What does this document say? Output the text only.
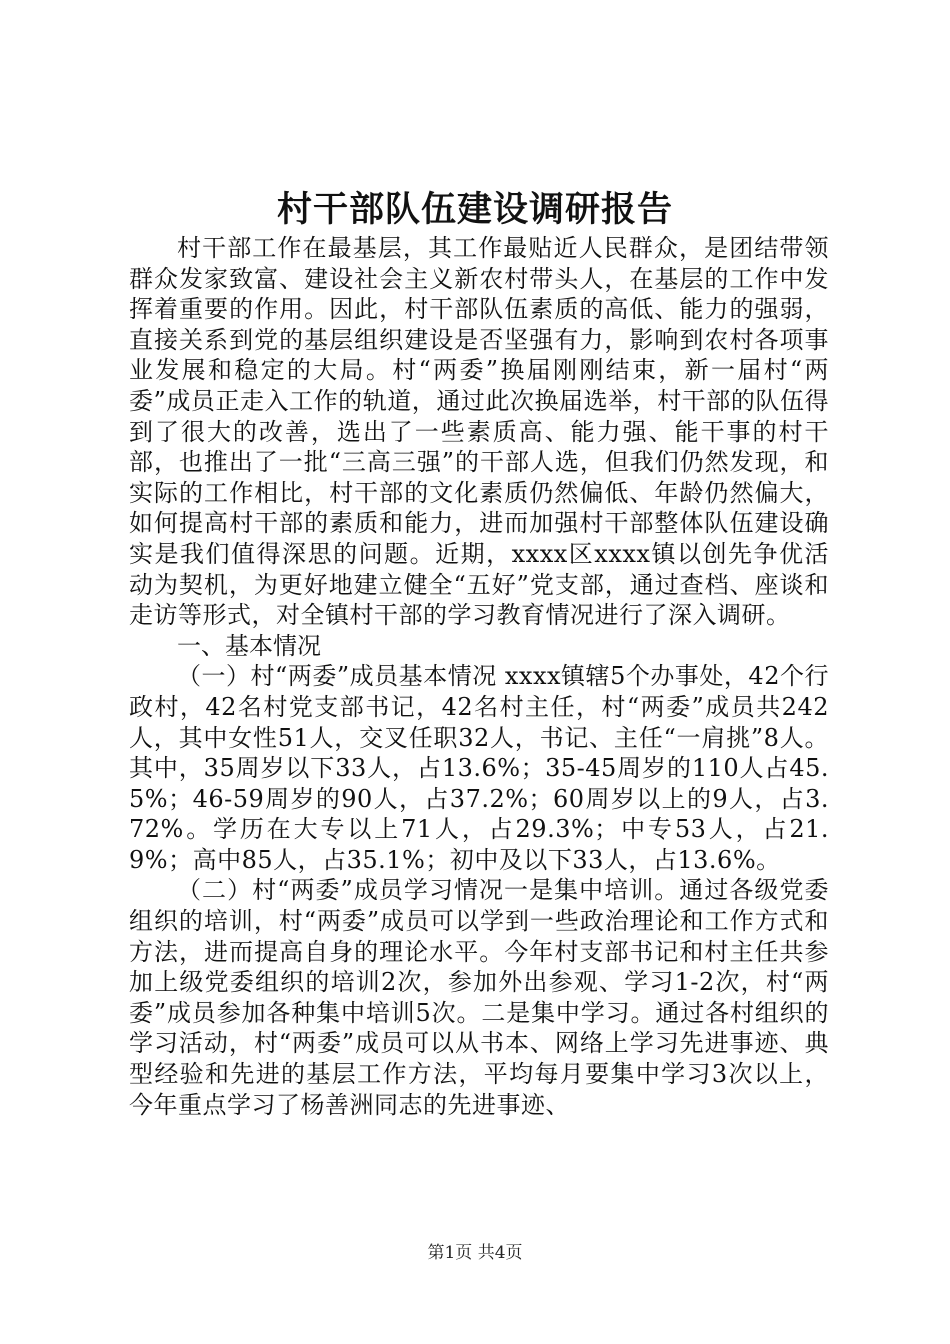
村干部队伍建设调研报告

村干部工作在最基层，其工作最贴近人民群众，是团结带领群众发家致富、建设社会主义新农村带头人，在基层的工作中发挥着重要的作用。因此，村干部队伍素质的高低、能力的强弱，直接关系到党的基层组织建设是否坚强有力，影响到农村各项事业发展和稳定的大局。村“两委”换届刚刚结束，新一届村“两委”成员正走入工作的轨道，通过此次换届选举，村干部的队伍得到了很大的改善，选出了一些素质高、能力强、能干事的村干部，也推出了一批“三高三强”的干部人选，但我们仍然发现，和实际的工作相比，村干部的文化素质仍然偏低、年龄仍然偏大，如何提高村干部的素质和能力，进而加强村干部整体队伍建设确实是我们值得深思的问题。近期，xxxx区xxxx镇以创先争优活动为契机，为更好地建立健全“五好”党支部，通过查档、座谈和走访等形式，对全镇村干部的学习教育情况进行了深入调研。

一、基本情况

（一）村“两委”成员基本情况 xxxx镇辖5个办事处，42个行政村，42名村党支部书记，42名村主任，村“两委”成员共242人，其中女性51人，交叉任职32人，书记、主任“一肩挑”8人。其中，35周岁以下33人，占13.6%；35-45周岁的110人占45.5%；46-59周岁的90人，占37.2%；60周岁以上的9人，占3.72%。学历在大专以上71人，占29.3%；中专53人，占21.9%；高中85人，占35.1%；初中及以下33人，占13.6%。

（二）村“两委”成员学习情况一是集中培训。通过各级党委组织的培训，村“两委”成员可以学到一些政治理论和工作方式和方法，进而提高自身的理论水平。今年村支部书记和村主任共参加上级党委组织的培训2次，参加外出参观、学习1-2次，村“两委”成员参加各种集中培训5次。二是集中学习。通过各村组织的学习活动，村“两委”成员可以从书本、网络上学习先进事迹、典型经验和先进的基层工作方法，平均每月要集中学习3次以上，今年重点学习了杨善洲同志的先进事迹、

第1页 共4页
